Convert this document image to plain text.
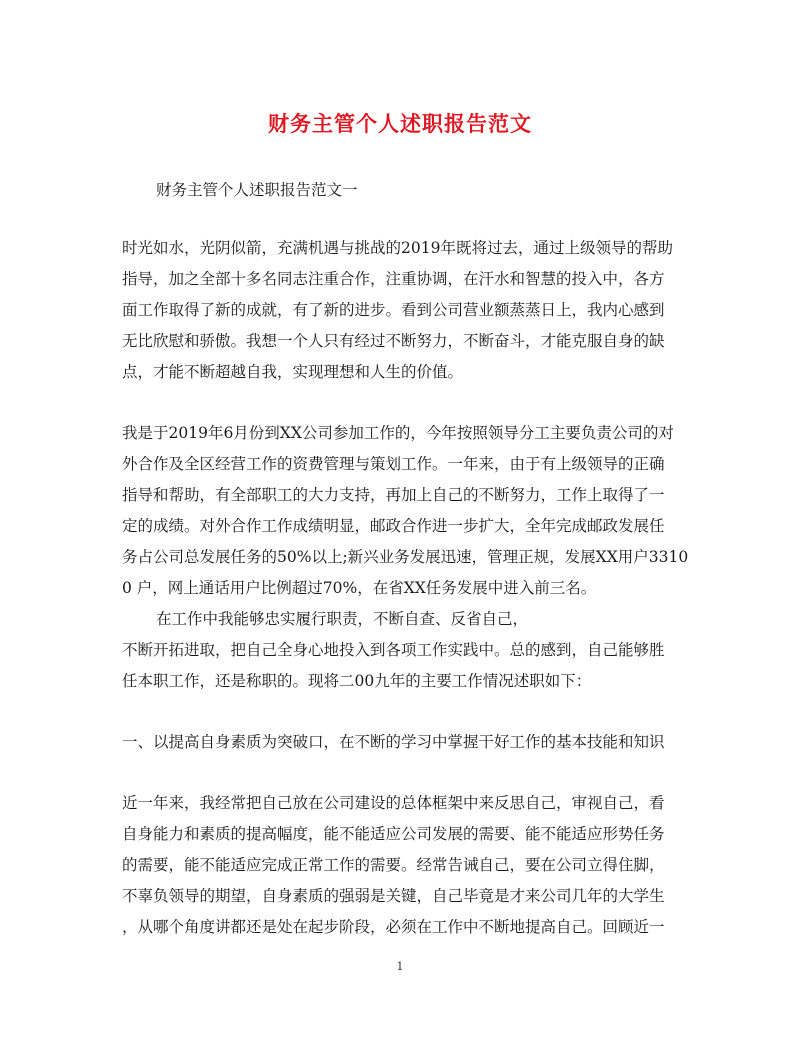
财务主管个人述职报告范文
财务主管个人述职报告范文一
时光如水，光阴似箭，充满机遇与挑战的2019年既将过去，通过上级领导的帮助
指导，加之全部十多名同志注重合作，注重协调，在汗水和智慧的投入中，各方
面工作取得了新的成就，有了新的进步。看到公司营业额蒸蒸日上，我内心感到
无比欣慰和骄傲。我想一个人只有经过不断努力，不断奋斗，才能克服自身的缺
点，才能不断超越自我，实现理想和人生的价值。
我是于2019年6月份到XX公司参加工作的，今年按照领导分工主要负责公司的对
外合作及全区经营工作的资费管理与策划工作。一年来，由于有上级领导的正确
指导和帮助，有全部职工的大力支持，再加上自己的不断努力，工作上取得了一
定的成绩。对外合作工作成绩明显，邮政合作进一步扩大，全年完成邮政发展任
务占公司总发展任务的50%以上;新兴业务发展迅速，管理正规，发展XX用户3310
0 户，网上通话用户比例超过70%，在省XX任务发展中进入前三名。
在工作中我能够忠实履行职责，不断自查、反省自己，
不断开拓进取，把自己全身心地投入到各项工作实践中。总的感到，自己能够胜
任本职工作，还是称职的。现将二00九年的主要工作情况述职如下：
一、以提高自身素质为突破口，在不断的学习中掌握干好工作的基本技能和知识
近一年来，我经常把自己放在公司建设的总体框架中来反思自己，审视自己，看
自身能力和素质的提高幅度，能不能适应公司发展的需要、能不能适应形势任务
的需要，能不能适应完成正常工作的需要。经常告诫自己，要在公司立得住脚，
不辜负领导的期望，自身素质的强弱是关键，自己毕竟是才来公司几年的大学生
，从哪个角度讲都还是处在起步阶段，必须在工作中不断地提高自己。回顾近一
1
